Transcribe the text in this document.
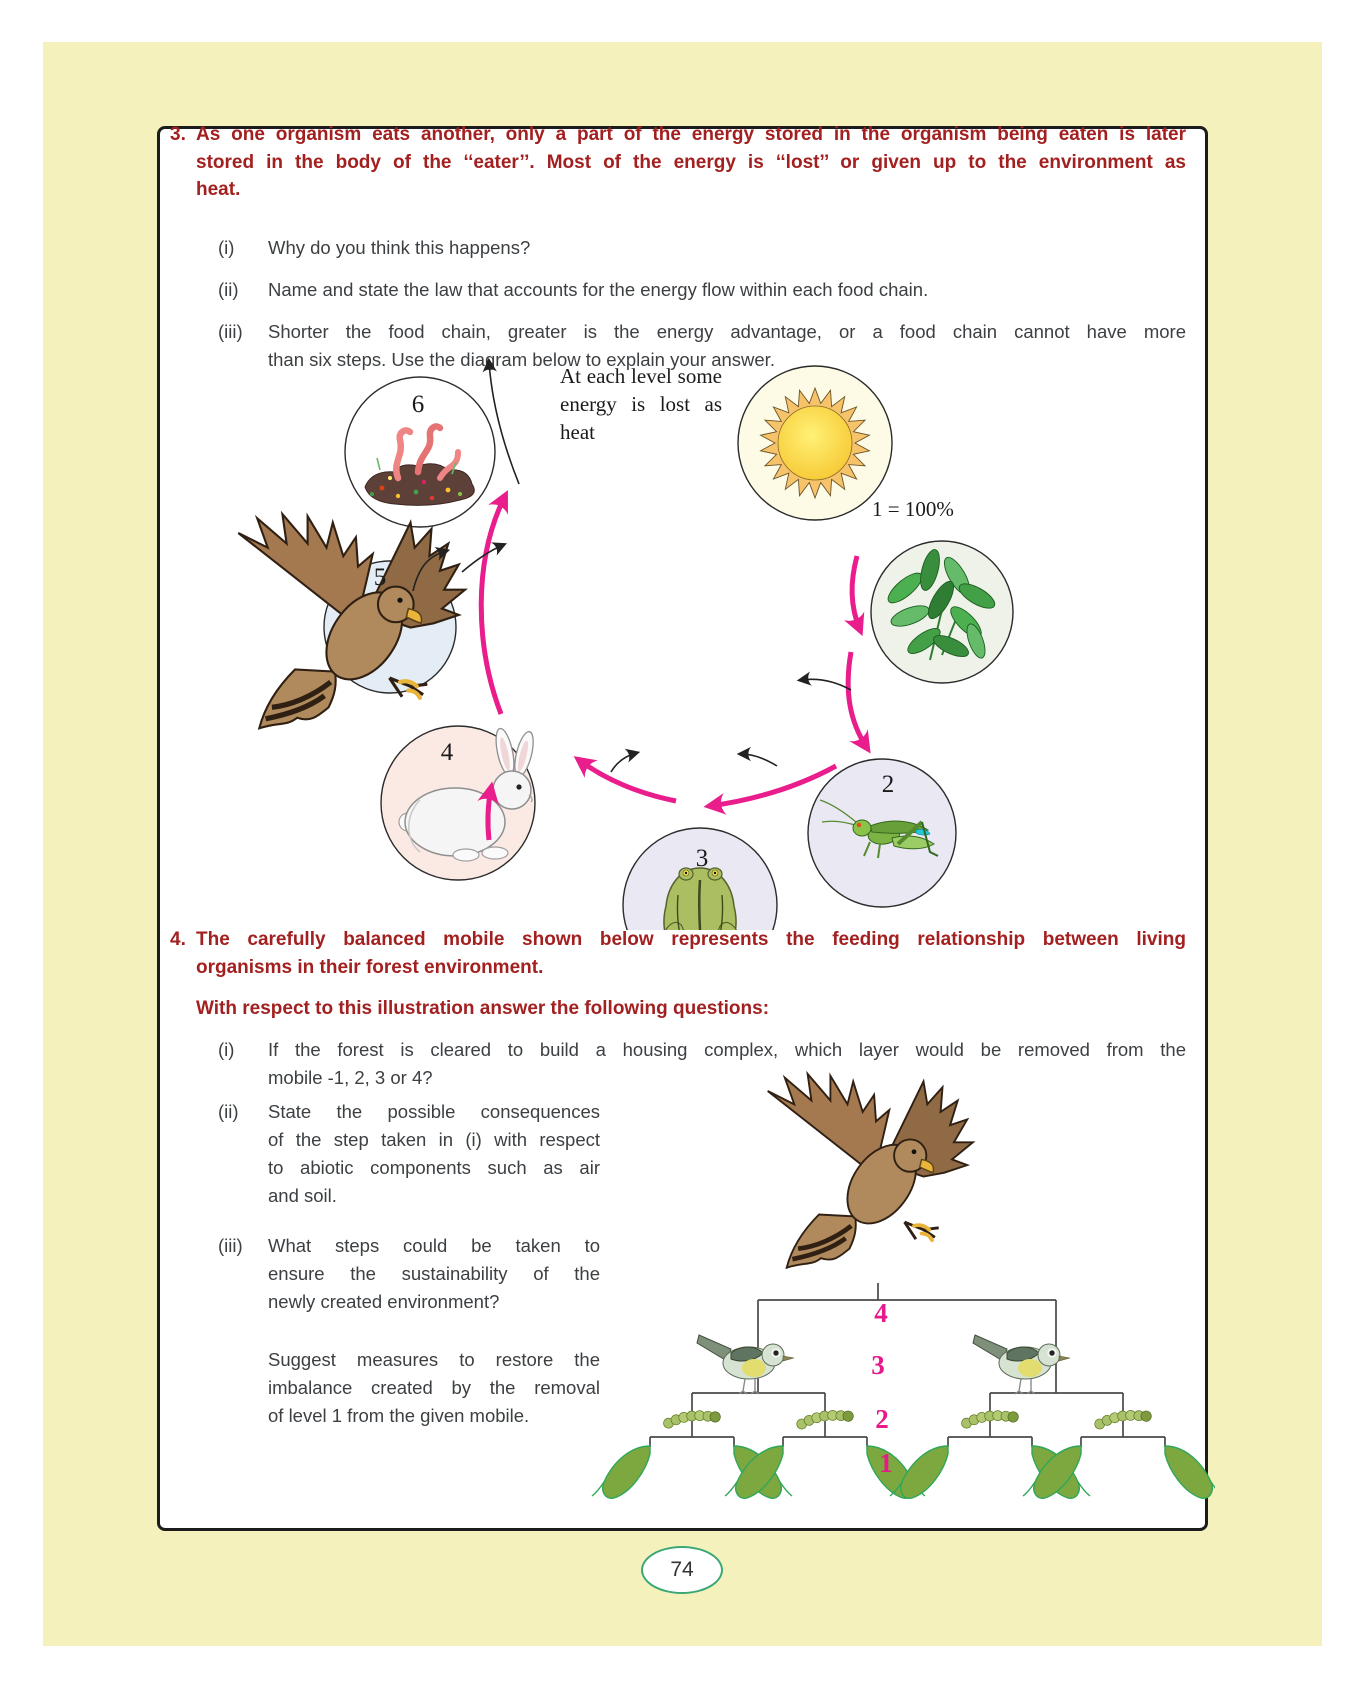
3. As one organism eats another, only a part of the energy stored in the organism being eaten is later
stored in the body of the ‘‘eater’’. Most of the energy is ‘‘lost’’ or given up to the environment as
heat.
(i) Why do you think this happens?
(ii) Name and state the law that accounts for the energy flow within each food chain.
(iii) Shorter the food chain, greater is the energy advantage, or a food chain cannot have more
than six steps. Use the diagram below to explain your answer.
6
5
4
3
2
At each level some energy is lost as heat
1 = 100%
4. The carefully balanced mobile shown below represents the feeding relationship between living
organisms in their forest environment.
With respect to this illustration answer the following questions:
(i) If the forest is cleared to build a housing complex, which layer would be removed from the
mobile -1, 2, 3 or 4?
(ii) State the possible consequences
of the step taken in (i) with respect
to abiotic components such as air
and soil.
(iii) What steps could be taken to
ensure the sustainability of the
newly created environment?
Suggest measures to restore the
imbalance created by the removal
of level 1 from the given mobile.
4
3
2
1
74
